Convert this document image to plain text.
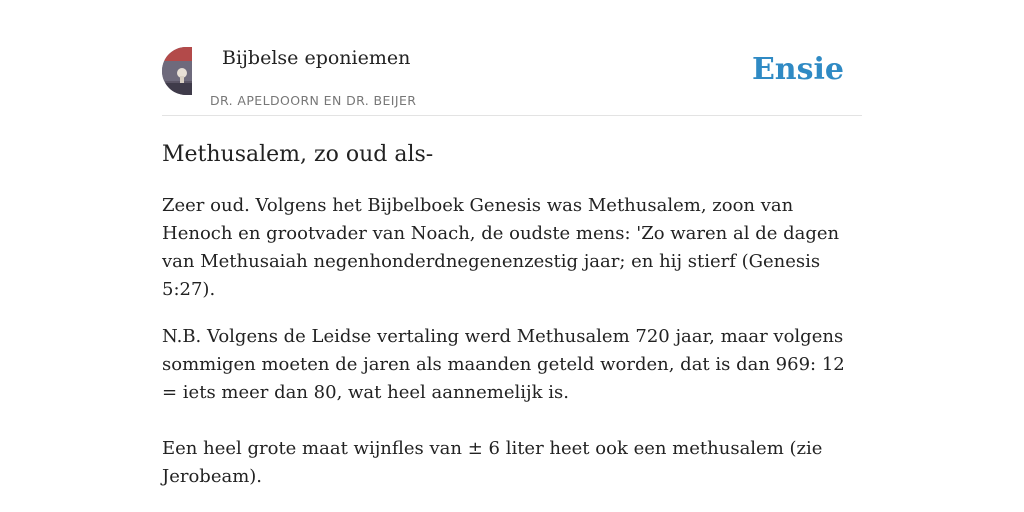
Bijbelse eponiemen
DR. APELDOORN EN DR. BEIJER
Ensie
Methusalem, zo oud als-

Zeer oud. Volgens het Bijbelboek Genesis was Methusalem, zoon van Henoch en grootvader van Noach, de oudste mens: 'Zo waren al de dagen van Methusaiah negenhonderdnegenenzestig jaar; en hij stierf (Genesis 5:27).

N.B. Volgens de Leidse vertaling werd Methusalem 720 jaar, maar volgens sommigen moeten de jaren als maanden geteld worden, dat is dan 969: 12 = iets meer dan 80, wat heel aannemelijk is.

Een heel grote maat wijnfles van ± 6 liter heet ook een methusalem (zie Jerobeam).
